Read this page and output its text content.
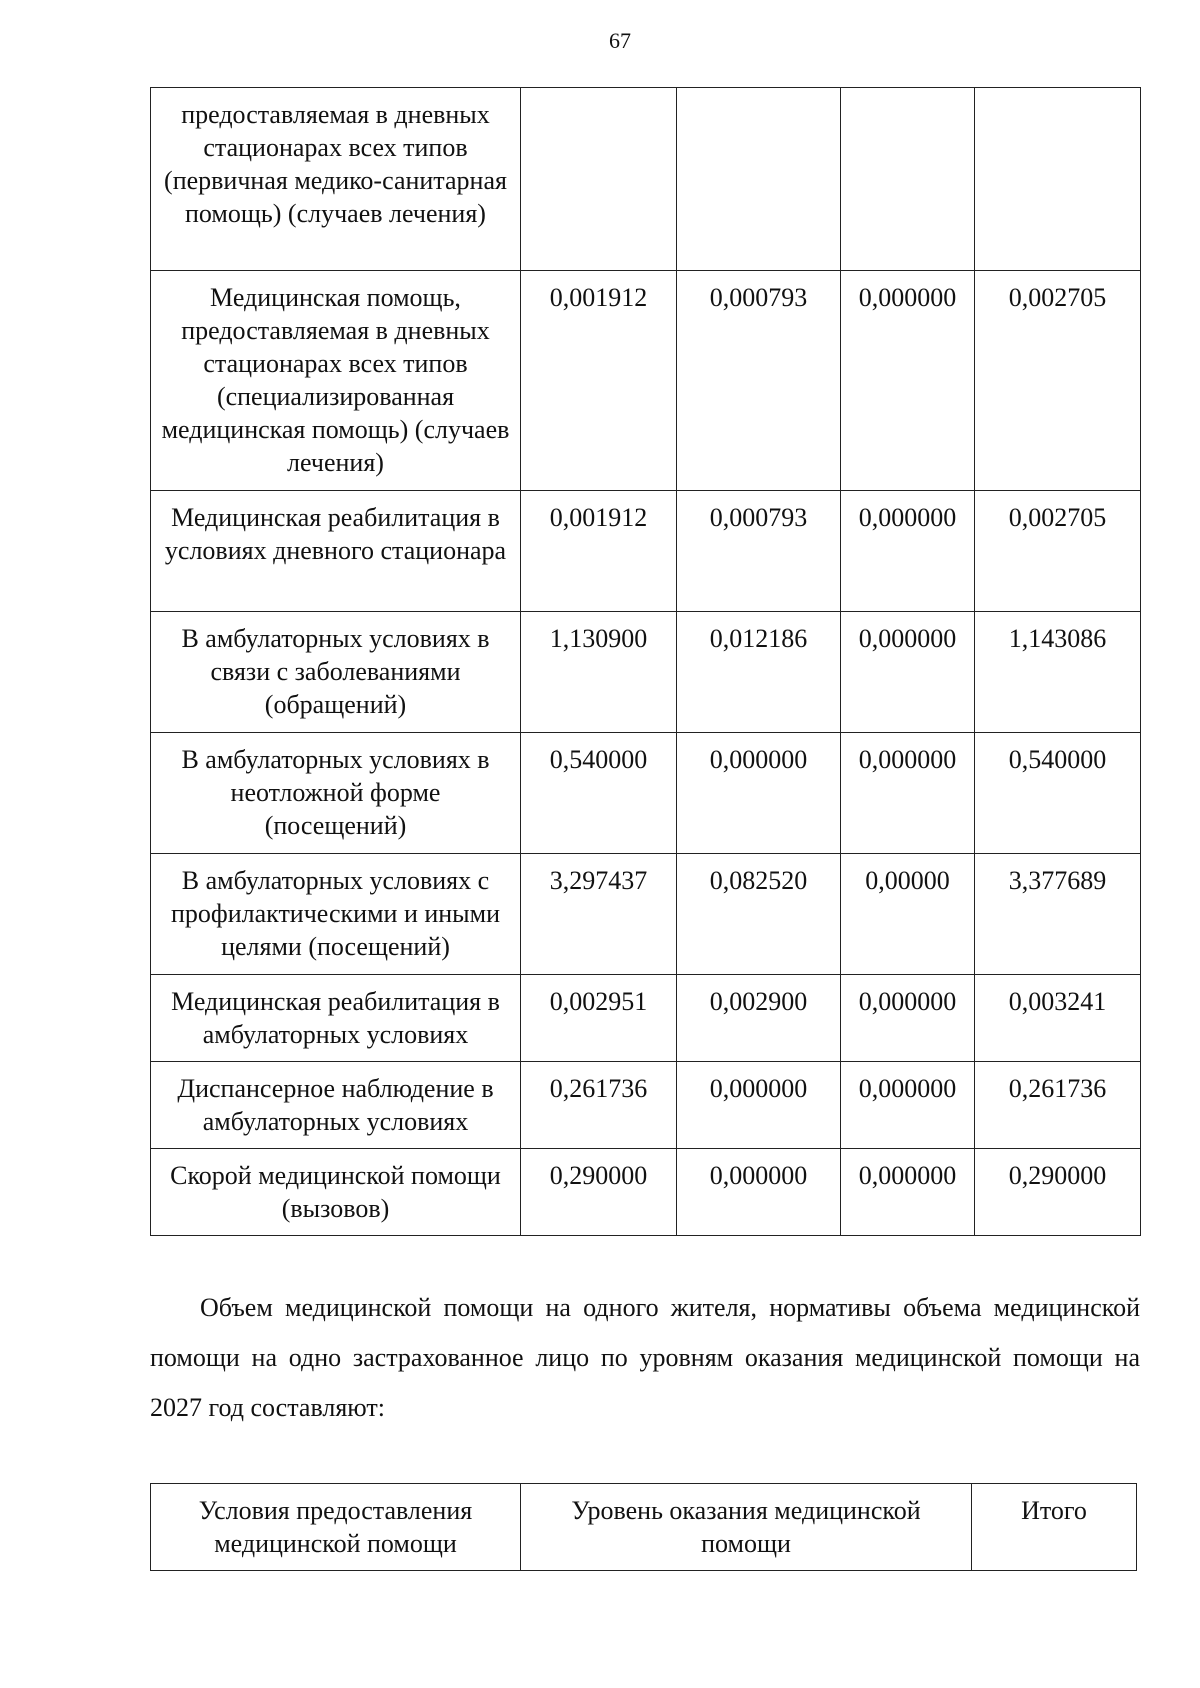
67
предоставляемая в дневных стационарах всех типов (первичная медико-санитарная помощь) (случаев лечения)				
Медицинская помощь, предоставляемая в дневных стационарах всех типов (специализированная медицинская помощь) (случаев лечения)	0,001912	0,000793	0,000000	0,002705
Медицинская реабилитация в условиях дневного стационара	0,001912	0,000793	0,000000	0,002705
В амбулаторных условиях в связи с заболеваниями (обращений)	1,130900	0,012186	0,000000	1,143086
В амбулаторных условиях в неотложной форме (посещений)	0,540000	0,000000	0,000000	0,540000
В амбулаторных условиях с профилактическими и иными целями (посещений)	3,297437	0,082520	0,00000	3,377689
Медицинская реабилитация в амбулаторных условиях	0,002951	0,002900	0,000000	0,003241
Диспансерное наблюдение в амбулаторных условиях	0,261736	0,000000	0,000000	0,261736
Скорой медицинской помощи (вызовов)	0,290000	0,000000	0,000000	0,290000
Объем медицинской помощи на одного жителя, нормативы объема медицинской помощи на одно застрахованное лицо по уровням оказания медицинской помощи на 2027 год составляют:
Условия предоставления медицинской помощи	Уровень оказания медицинской помощи	Итого
